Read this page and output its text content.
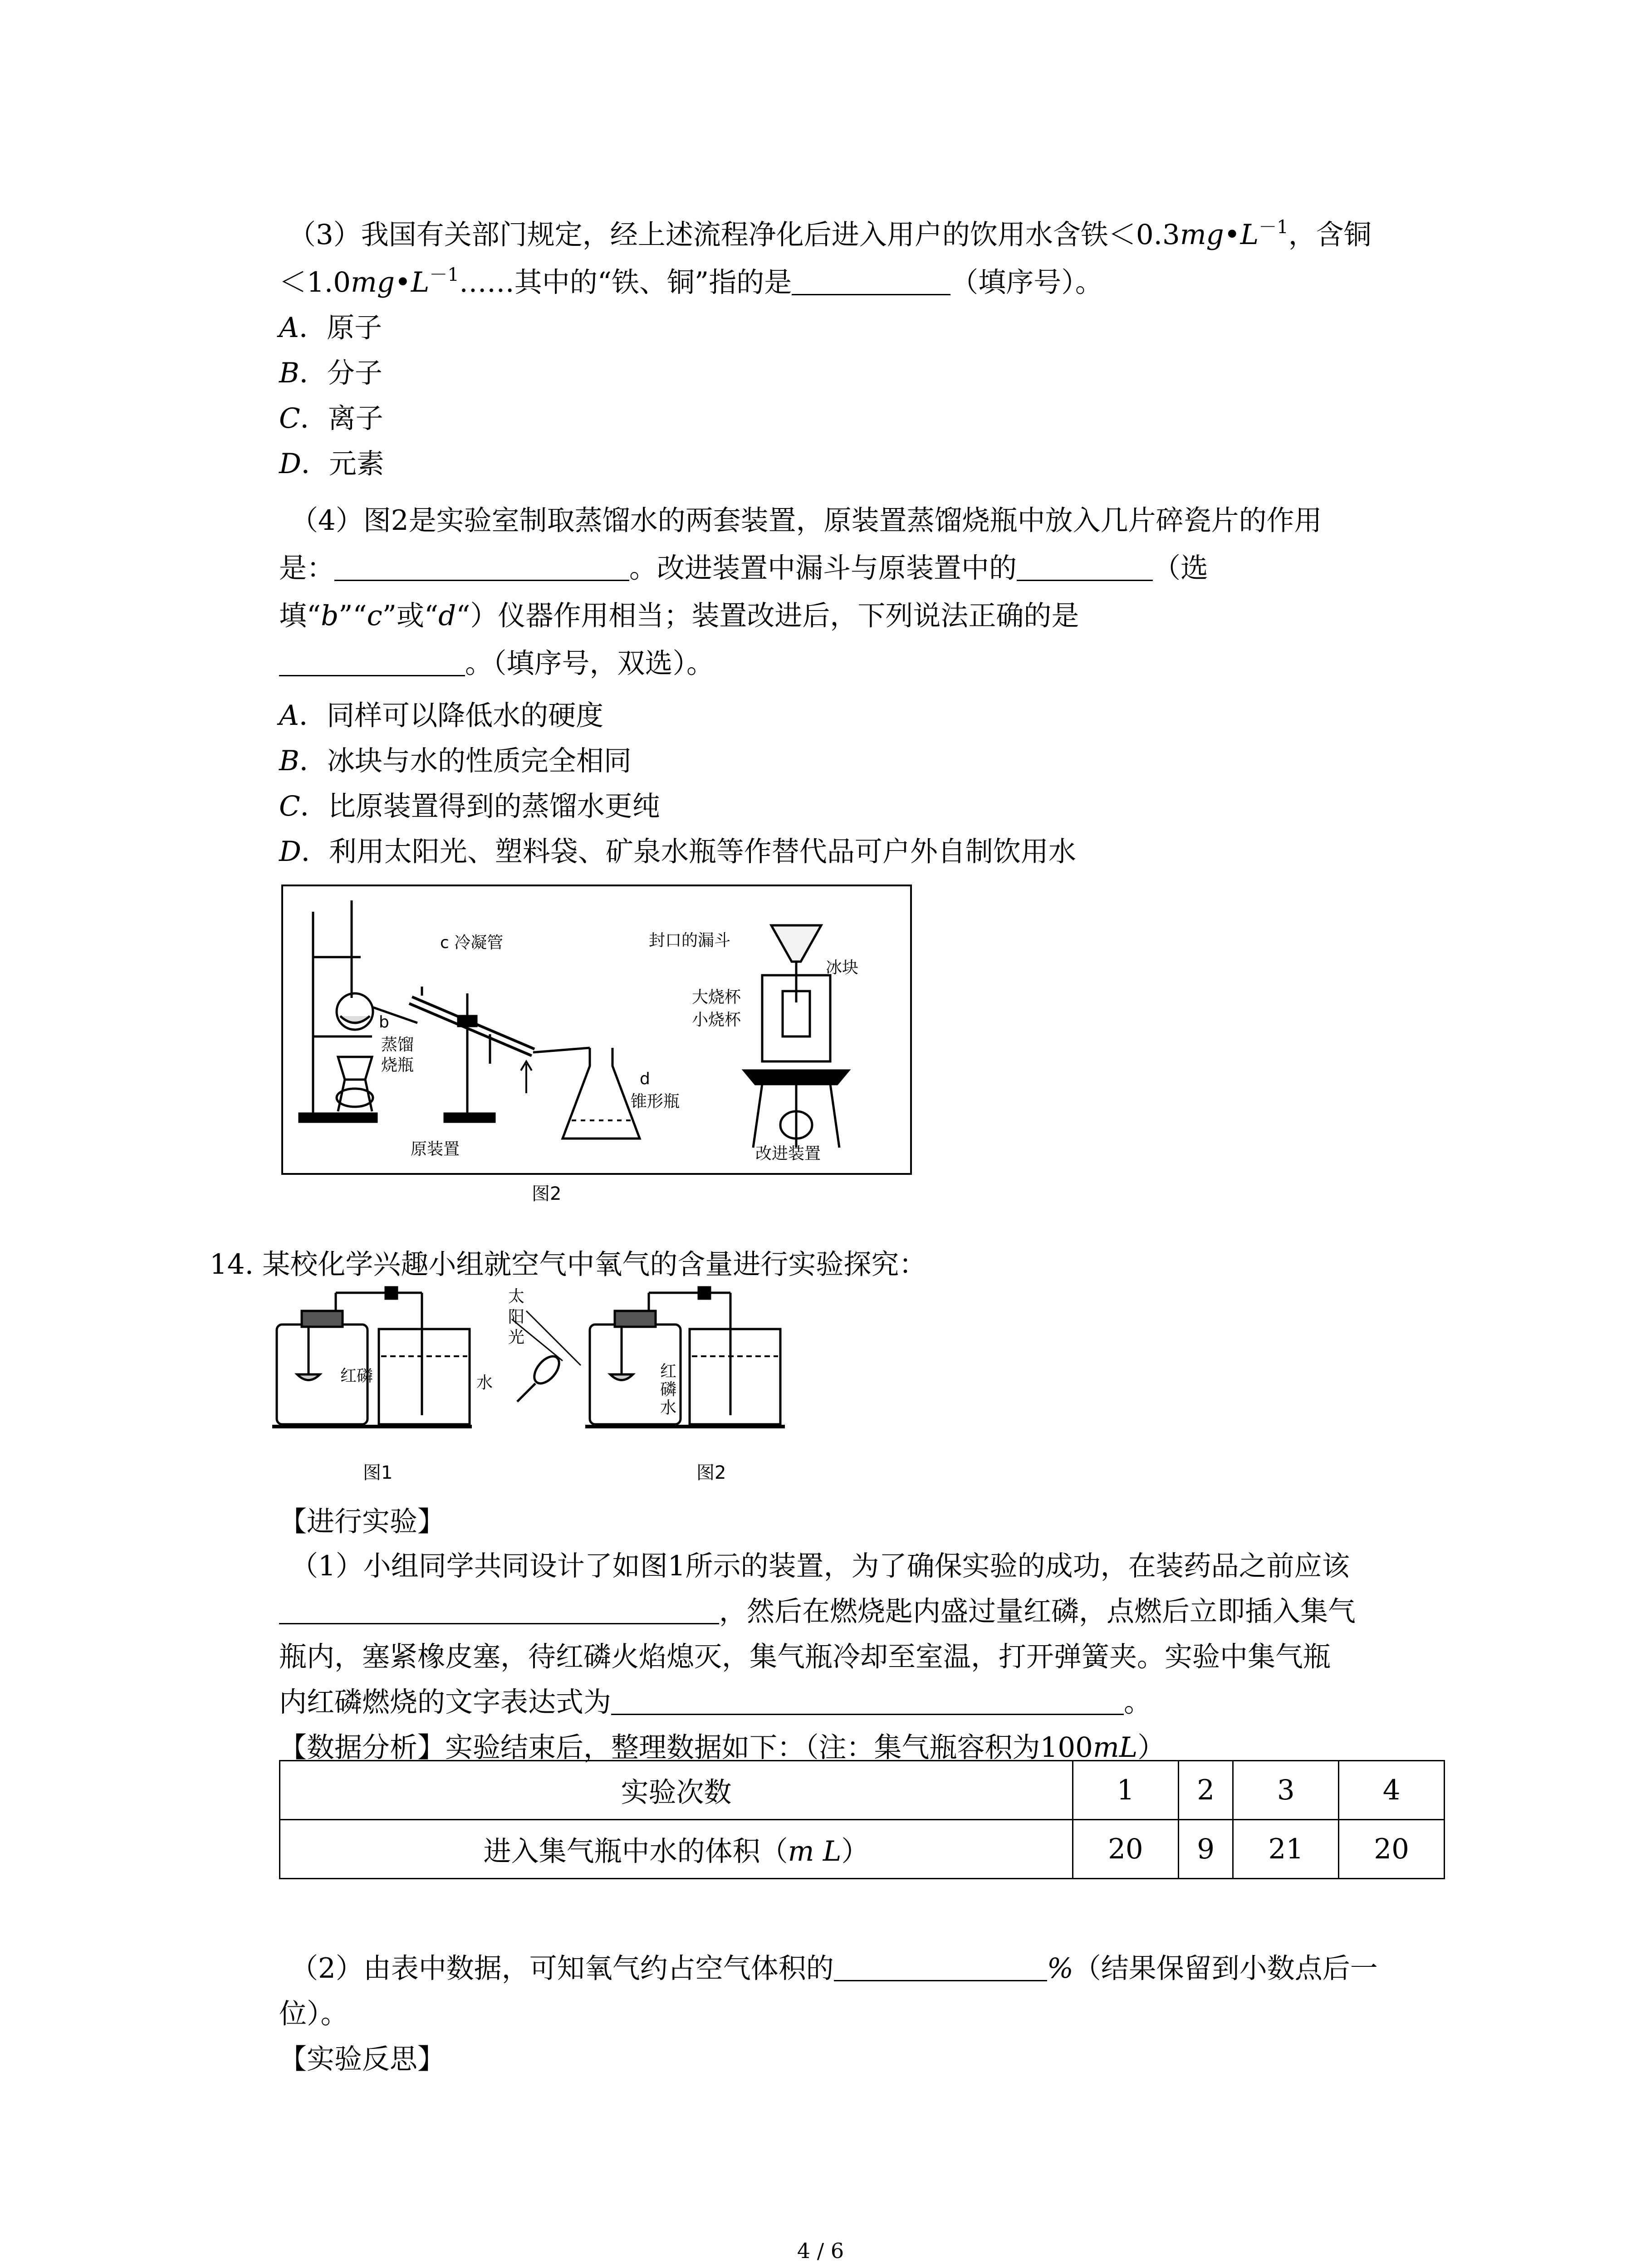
（3）我国有关部门规定，经上述流程净化后进入用户的饮用水含铁$<0.3mg•L^{-1}$，含铜
$<1.0mg•L^{-1}\dots\dots$其中的“铁、铜”指的是	（填序号）。
A．原子
B．分子
C．离子
D．元素
（4）图2是实验室制取蒸馏水的两套装置，原装置蒸馏烧瓶中放入几片碎瓷片的作用
是：	。改进装置中漏斗与原装置中的	（选
填“b”“c”或“d“）仪器作用相当；装置改进后，下列说法正确的是
。（填序号，双选）。
A．同样可以降低水的硬度
B．冰块与水的性质完全相同
C．比原装置得到的蒸馏水更纯
D．利用太阳光、塑料袋、矿泉水瓶等作替代品可户外自制饮用水
c 冷凝管
b
蒸馏
烧瓶
d
锥形瓶
原装置
封口的漏斗
冰块
大烧杯
小烧杯
改进装置
图2
14. 某校化学兴趣小组就空气中氧气的含量进行实验探究：
红磷	水
太
阳
光
红
磷
水
图1	图2
【进行实验】
（1）小组同学共同设计了如图1所示的装置，为了确保实验的成功，在装药品之前应该
，然后在燃烧匙内盛过量红磷，点燃后立即插入集气
瓶内，塞紧橡皮塞，待红磷火焰熄灭，集气瓶冷却至室温，打开弹簧夹。实验中集气瓶
内红磷燃烧的文字表达式为	。
【数据分析】实验结束后，整理数据如下：（注：集气瓶容积为100mL）
实验次数	1	2	3	4
进入集气瓶中水的体积（m L）	20	9	21	20
（2）由表中数据，可知氧气约占空气体积的	%（结果保留到小数点后一
位）。
【实验反思】
4 / 6
